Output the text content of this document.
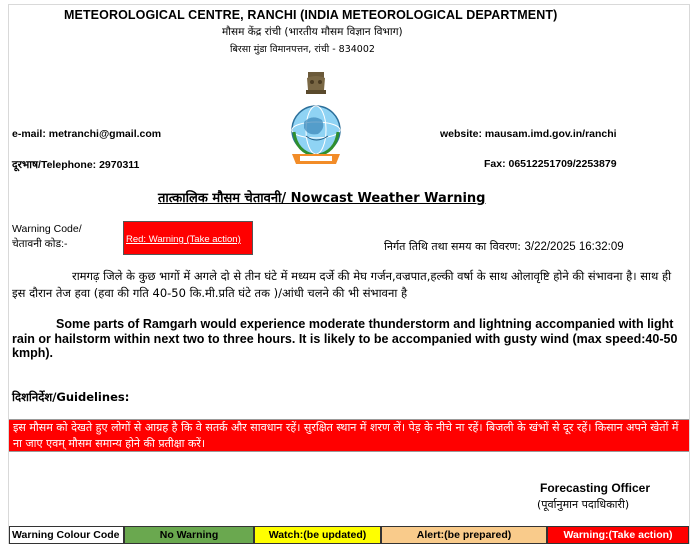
METEOROLOGICAL CENTRE, RANCHI (INDIA METEOROLOGICAL DEPARTMENT)
मौसम केंद्र रांची (भारतीय मौसम विज्ञान विभाग)
बिरसा मुंडा विमानपत्तन, रांची - 834002
e-mail: metranchi@gmail.com	website: mausam.imd.gov.in/ranchi
दूरभाष/Telephone: 2970311	Fax: 06512251709/2253879
तात्कालिक मौसम चेतावनी/ Nowcast Weather Warning
Warning Code/
चेतावनी कोड:-	Red: Warning (Take action)
निर्गत तिथि तथा समय का विवरण: 3/22/2025 16:32:09
रामगढ़ जिले के कुछ भागों में अगले दो से तीन घंटे में मध्यम दर्जे की मेघ गर्जन,वज्रपात,हल्की वर्षा के साथ ओलावृष्टि होने की संभावना है। साथ ही इस दौरान तेज हवा (हवा की गति 40-50 कि.मी.प्रति घंटे तक )/आंधी चलने की भी संभावना है
Some parts of Ramgarh would experience moderate thunderstorm and lightning accompanied with light rain or hailstorm within next two to three hours. It is likely to be accompanied with gusty wind (max speed:40-50 kmph).
दिशनिर्देश/Guidelines:
इस मौसम को देखते हुए लोगों से आग्रह है कि वे सतर्क और सावधान रहें। सुरक्षित स्थान में शरण लें। पेड़ के नीचे ना रहें। बिजली के खंभों से दूर रहें। किसान अपने खेतों में ना जाए एवम् मौसम समान्य होने की प्रतीक्षा करें।
Forecasting Officer
(पूर्वानुमान पदाधिकारी)
Warning Colour Code	No Warning	Watch:(be updated)	Alert:(be prepared)	Warning:(Take action)
